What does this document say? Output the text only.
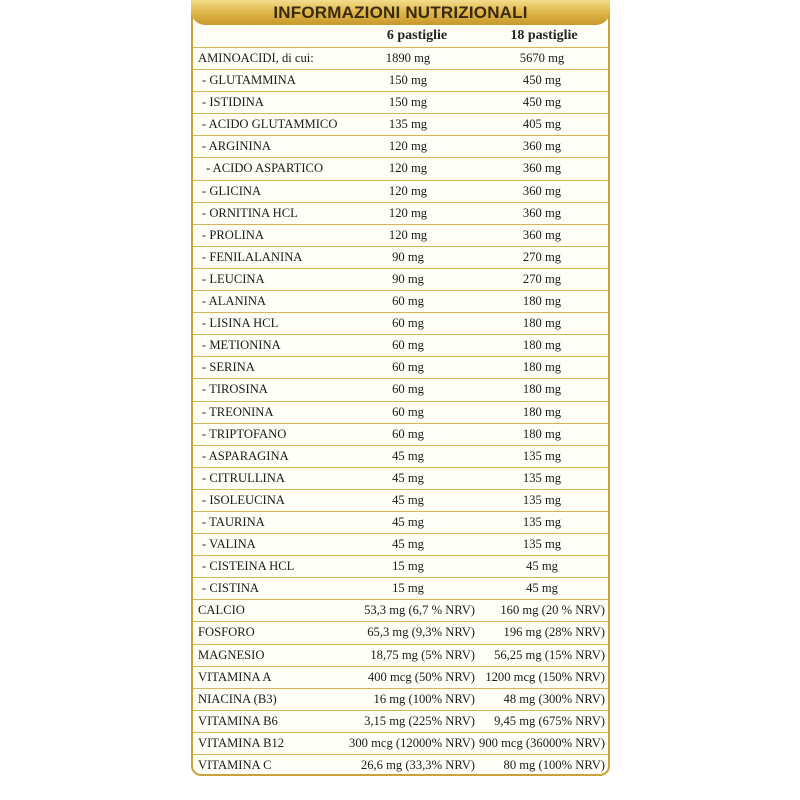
INFORMAZIONI NUTRIZIONALI
6 pastiglie	18 pastiglie
AMINOACIDI, di cui:	1890 mg	5670 mg
- GLUTAMMINA	150 mg	450 mg
- ISTIDINA	150 mg	450 mg
- ACIDO GLUTAMMICO	135 mg	405 mg
- ARGININA	120 mg	360 mg
- ACIDO ASPARTICO	120 mg	360 mg
- GLICINA	120 mg	360 mg
- ORNITINA HCL	120 mg	360 mg
- PROLINA	120 mg	360 mg
- FENILALANINA	90 mg	270 mg
- LEUCINA	90 mg	270 mg
- ALANINA	60 mg	180 mg
- LISINA HCL	60 mg	180 mg
- METIONINA	60 mg	180 mg
- SERINA	60 mg	180 mg
- TIROSINA	60 mg	180 mg
- TREONINA	60 mg	180 mg
- TRIPTOFANO	60 mg	180 mg
- ASPARAGINA	45 mg	135 mg
- CITRULLINA	45 mg	135 mg
- ISOLEUCINA	45 mg	135 mg
- TAURINA	45 mg	135 mg
- VALINA	45 mg	135 mg
- CISTEINA HCL	15 mg	45 mg
- CISTINA	15 mg	45 mg
CALCIO	53,3 mg (6,7 % NRV)	160 mg (20 % NRV)
FOSFORO	65,3 mg (9,3% NRV)	196 mg (28% NRV)
MAGNESIO	18,75 mg (5% NRV)	56,25 mg (15% NRV)
VITAMINA A	400 mcg (50% NRV) 1200 mcg (150% NRV)
NIACINA (B3)	16 mg (100% NRV)	48 mg (300% NRV)
VITAMINA B6	3,15 mg (225% NRV)	9,45 mg (675% NRV)
VITAMINA B12	300 mcg (12000% NRV) 900 mcg (36000% NRV)
VITAMINA C	26,6 mg (33,3% NRV)	80 mg (100% NRV)
